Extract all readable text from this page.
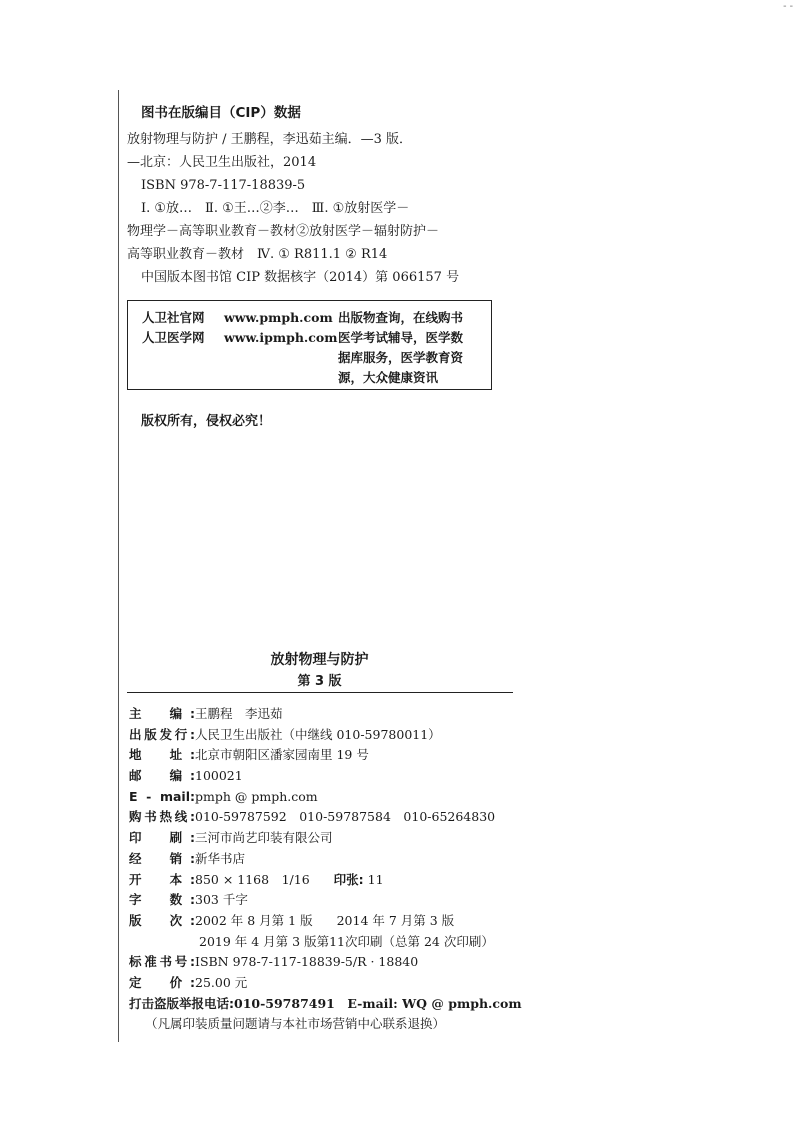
- -
图书在版编目（CIP）数据
放射物理与防护 / 王鹏程，李迅茹主编．—3 版．
—北京：人民卫生出版社，2014
ISBN 978-7-117-18839-5
Ⅰ. ①放…　Ⅱ. ①王…②李…　Ⅲ. ①放射医学－
物理学－高等职业教育－教材②放射医学－辐射防护－
高等职业教育－教材　Ⅳ. ① R811.1 ② R14
中国版本图书馆 CIP 数据核字（2014）第 066157 号
人卫社官网
人卫医学网
www.pmph.com
www.ipmph.com
出版物查询，在线购书
医学考试辅导，医学数
据库服务，医学教育资
源，大众健康资讯
版权所有，侵权必究！
放射物理与防护
第 3 版
主　编:王鹏程　李迅茹
出版发行:人民卫生出版社（中继线 010-59780011）
地　址:北京市朝阳区潘家园南里 19 号
邮　编:100021
E - mail:pmph @ pmph.com
购书热线:010-59787592　010-59787584　010-65264830
印　刷:三河市尚艺印装有限公司
经　销:新华书店
开　本:850 × 1168　1/16 印张: 11
字　数:303 千字
版　次:2002 年 8 月第 1 版 2014 年 7 月第 3 版
2019 年 4 月第 3 版第11次印刷（总第 24 次印刷）
标准书号:ISBN 978-7-117-18839-5/R · 18840
定　价:25.00 元
打击盗版举报电话:010-59787491　 E-mail: WQ @ pmph.com
（凡属印装质量问题请与本社市场营销中心联系退换）
